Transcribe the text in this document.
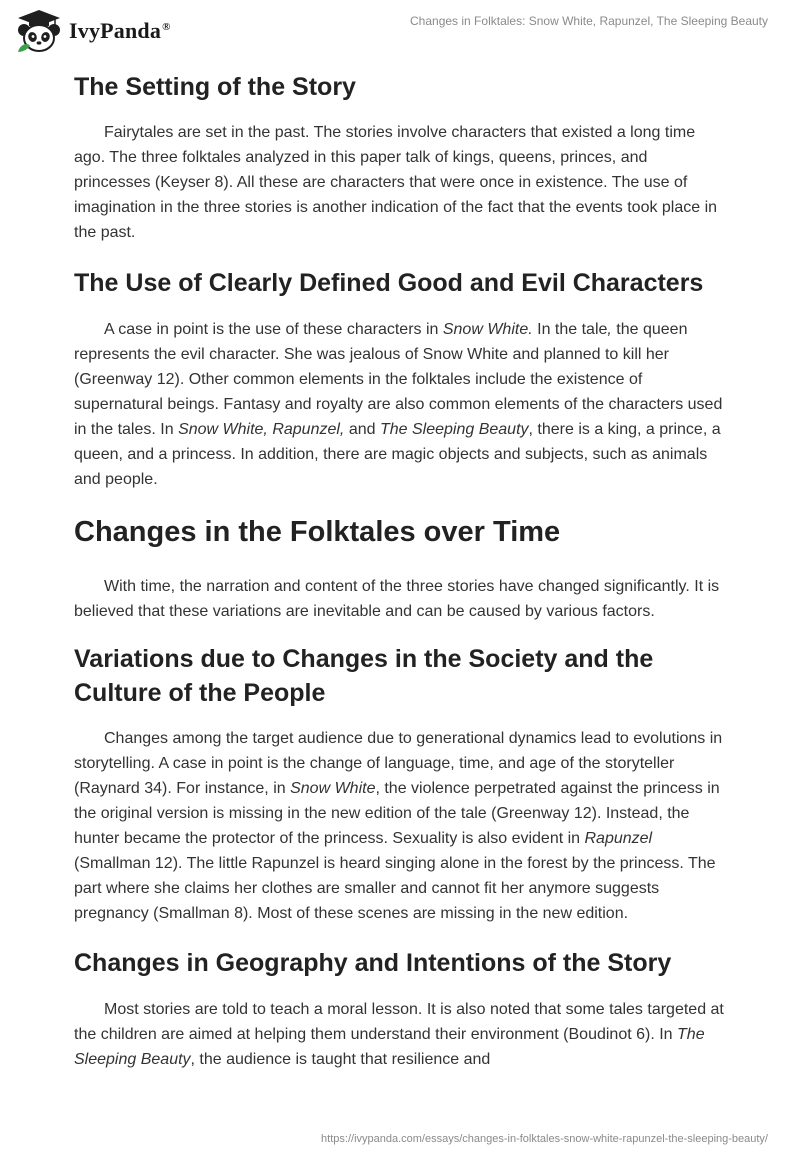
IvyPanda®	Changes in Folktales: Snow White, Rapunzel, The Sleeping Beauty
The Setting of the Story

Fairytales are set in the past. The stories involve characters that existed a long time ago. The three folktales analyzed in this paper talk of kings, queens, princes, and princesses (Keyser 8). All these are characters that were once in existence. The use of imagination in the three stories is another indication of the fact that the events took place in the past.

The Use of Clearly Defined Good and Evil Characters

A case in point is the use of these characters in Snow White. In the tale, the queen represents the evil character. She was jealous of Snow White and planned to kill her (Greenway 12). Other common elements in the folktales include the existence of supernatural beings. Fantasy and royalty are also common elements of the characters used in the tales. In Snow White, Rapunzel, and The Sleeping Beauty, there is a king, a prince, a queen, and a princess. In addition, there are magic objects and subjects, such as animals and people.

Changes in the Folktales over Time

With time, the narration and content of the three stories have changed significantly. It is believed that these variations are inevitable and can be caused by various factors.

Variations due to Changes in the Society and the Culture of the People

Changes among the target audience due to generational dynamics lead to evolutions in storytelling. A case in point is the change of language, time, and age of the storyteller (Raynard 34). For instance, in Snow White, the violence perpetrated against the princess in the original version is missing in the new edition of the tale (Greenway 12). Instead, the hunter became the protector of the princess. Sexuality is also evident in Rapunzel (Smallman 12). The little Rapunzel is heard singing alone in the forest by the princess. The part where she claims her clothes are smaller and cannot fit her anymore suggests pregnancy (Smallman 8). Most of these scenes are missing in the new edition.

Changes in Geography and Intentions of the Story

Most stories are told to teach a moral lesson. It is also noted that some tales targeted at the children are aimed at helping them understand their environment (Boudinot 6). In The Sleeping Beauty, the audience is taught that resilience and

https://ivypanda.com/essays/changes-in-folktales-snow-white-rapunzel-the-sleeping-beauty/
